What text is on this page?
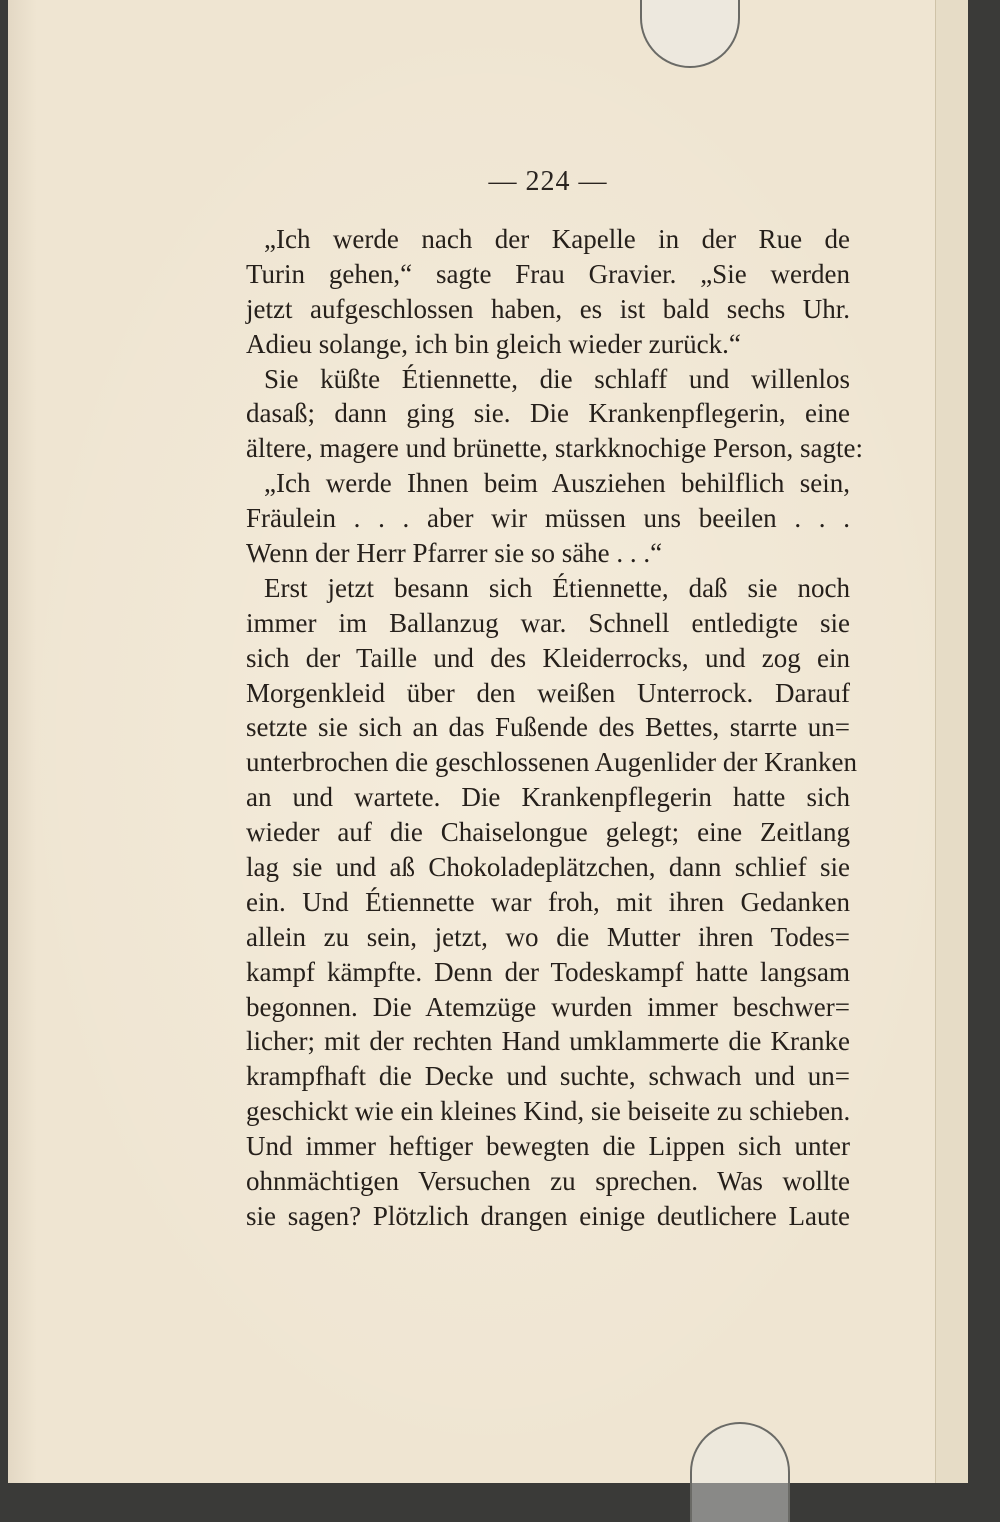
— 224 —
„Ich werde nach der Kapelle in der Rue de
Turin gehen,“ sagte Frau Gravier. „Sie werden
jetzt aufgeschlossen haben, es ist bald sechs Uhr.
Adieu solange, ich bin gleich wieder zurück.“
Sie küßte Étiennette, die schlaff und willenlos
dasaß; dann ging sie. Die Krankenpflegerin, eine
ältere, magere und brünette, starkknochige Person, sagte:
„Ich werde Ihnen beim Ausziehen behilflich sein,
Fräulein . . . aber wir müssen uns beeilen . . .
Wenn der Herr Pfarrer sie so sähe . . .“
Erst jetzt besann sich Étiennette, daß sie noch
immer im Ballanzug war. Schnell entledigte sie
sich der Taille und des Kleiderrocks, und zog ein
Morgenkleid über den weißen Unterrock. Darauf
setzte sie sich an das Fußende des Bettes, starrte un=
unterbrochen die geschlossenen Augenlider der Kranken
an und wartete. Die Krankenpflegerin hatte sich
wieder auf die Chaiselongue gelegt; eine Zeitlang
lag sie und aß Chokoladeplätzchen, dann schlief sie
ein. Und Étiennette war froh, mit ihren Gedanken
allein zu sein, jetzt, wo die Mutter ihren Todes=
kampf kämpfte. Denn der Todeskampf hatte langsam
begonnen. Die Atemzüge wurden immer beschwer=
licher; mit der rechten Hand umklammerte die Kranke
krampfhaft die Decke und suchte, schwach und un=
geschickt wie ein kleines Kind, sie beiseite zu schieben.
Und immer heftiger bewegten die Lippen sich unter
ohnmächtigen Versuchen zu sprechen. Was wollte
sie sagen? Plötzlich drangen einige deutlichere Laute
